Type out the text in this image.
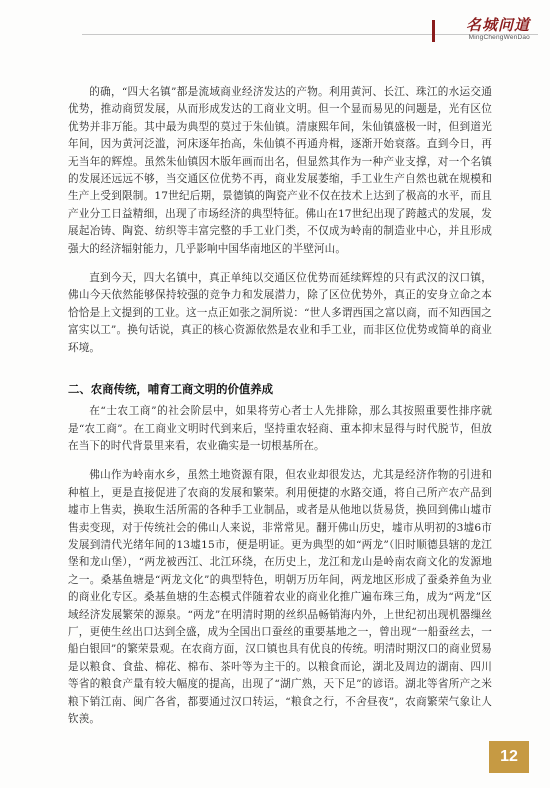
名城问道
MingChengWenDao

的确，“四大名镇”都是流域商业经济发达的产物。利用黄河、长江、珠江的水运交通优势，推动商贸发展，从而形成发达的工商业文明。但一个显而易见的问题是，光有区位优势并非万能。其中最为典型的莫过于朱仙镇。清康熙年间，朱仙镇盛极一时，但到道光年间，因为黄河泛滥，河床逐年抬高，朱仙镇不再通舟楫，逐渐开始衰落。直到今日，再无当年的辉煌。虽然朱仙镇因木版年画而出名，但显然其作为一种产业支撑，对一个名镇的发展还远远不够，当交通区位优势不再，商业发展萎缩，手工业生产自然也就在规模和生产上受到限制。17世纪后期，景德镇的陶瓷产业不仅在技术上达到了极高的水平，而且产业分工日益精细，出现了市场经济的典型特征。佛山在17世纪出现了跨越式的发展，发展起冶铸、陶瓷、纺织等丰富完整的手工业门类，不仅成为岭南的制造业中心，并且形成强大的经济辐射能力，几乎影响中国华南地区的半壁河山。

直到今天，四大名镇中，真正单纯以交通区位优势而延续辉煌的只有武汉的汉口镇，佛山今天依然能够保持较强的竞争力和发展潜力，除了区位优势外，真正的安身立命之本恰恰是上文提到的工业。这一点正如张之洞所说：“世人多谓西国之富以商，而不知西国之富实以工”。换句话说，真正的核心资源依然是农业和手工业，而非区位优势或简单的商业环境。

二、农商传统，哺育工商文明的价值养成

在“士农工商”的社会阶层中，如果将劳心者士人先排除，那么其按照重要性排序就是“农工商”。在工商业文明时代到来后，坚持重农轻商、重本抑末显得与时代脱节，但放在当下的时代背景里来看，农业确实是一切根基所在。

佛山作为岭南水乡，虽然土地资源有限，但农业却很发达，尤其是经济作物的引进和种植上，更是直接促进了农商的发展和繁荣。利用便捷的水路交通，将自己所产农产品到墟市上售卖，换取生活所需的各种手工业制品，或者是从他地以货易货，换回到佛山墟市售卖变现，对于传统社会的佛山人来说，非常常见。翻开佛山历史，墟市从明初的3墟6市发展到清代光绪年间的13墟15市，便是明证。更为典型的如“两龙”（旧时顺德县辖的龙江堡和龙山堡），“两龙被西江、北江环绕，在历史上，龙江和龙山是岭南农商文化的发源地之一。桑基鱼塘是“两龙文化”的典型特色，明朝万历年间，两龙地区形成了蚕桑养鱼为业的商业化专区。桑基鱼塘的生态模式伴随着农业的商业化推广遍布珠三角，成为“两龙”区域经济发展繁荣的源泉。“两龙”在明清时期的丝织品畅销海内外，上世纪初出现机器缫丝厂，更使生丝出口达到全盛，成为全国出口蚕丝的重要基地之一，曾出现“一船蚕丝去，一船白银回”的繁荣景观。在农商方面，汉口镇也具有优良的传统。明清时期汉口的商业贸易是以粮食、食盐、棉花、棉布、茶叶等为主干的。以粮食而论，湖北及周边的湖南、四川等省的粮食产量有较大幅度的提高，出现了“湖广熟，天下足”的谚语。湖北等省所产之米粮下销江南、闽广各省，都要通过汉口转运，“粮食之行，不舍昼夜”，农商繁荣气象让人钦羡。

12
